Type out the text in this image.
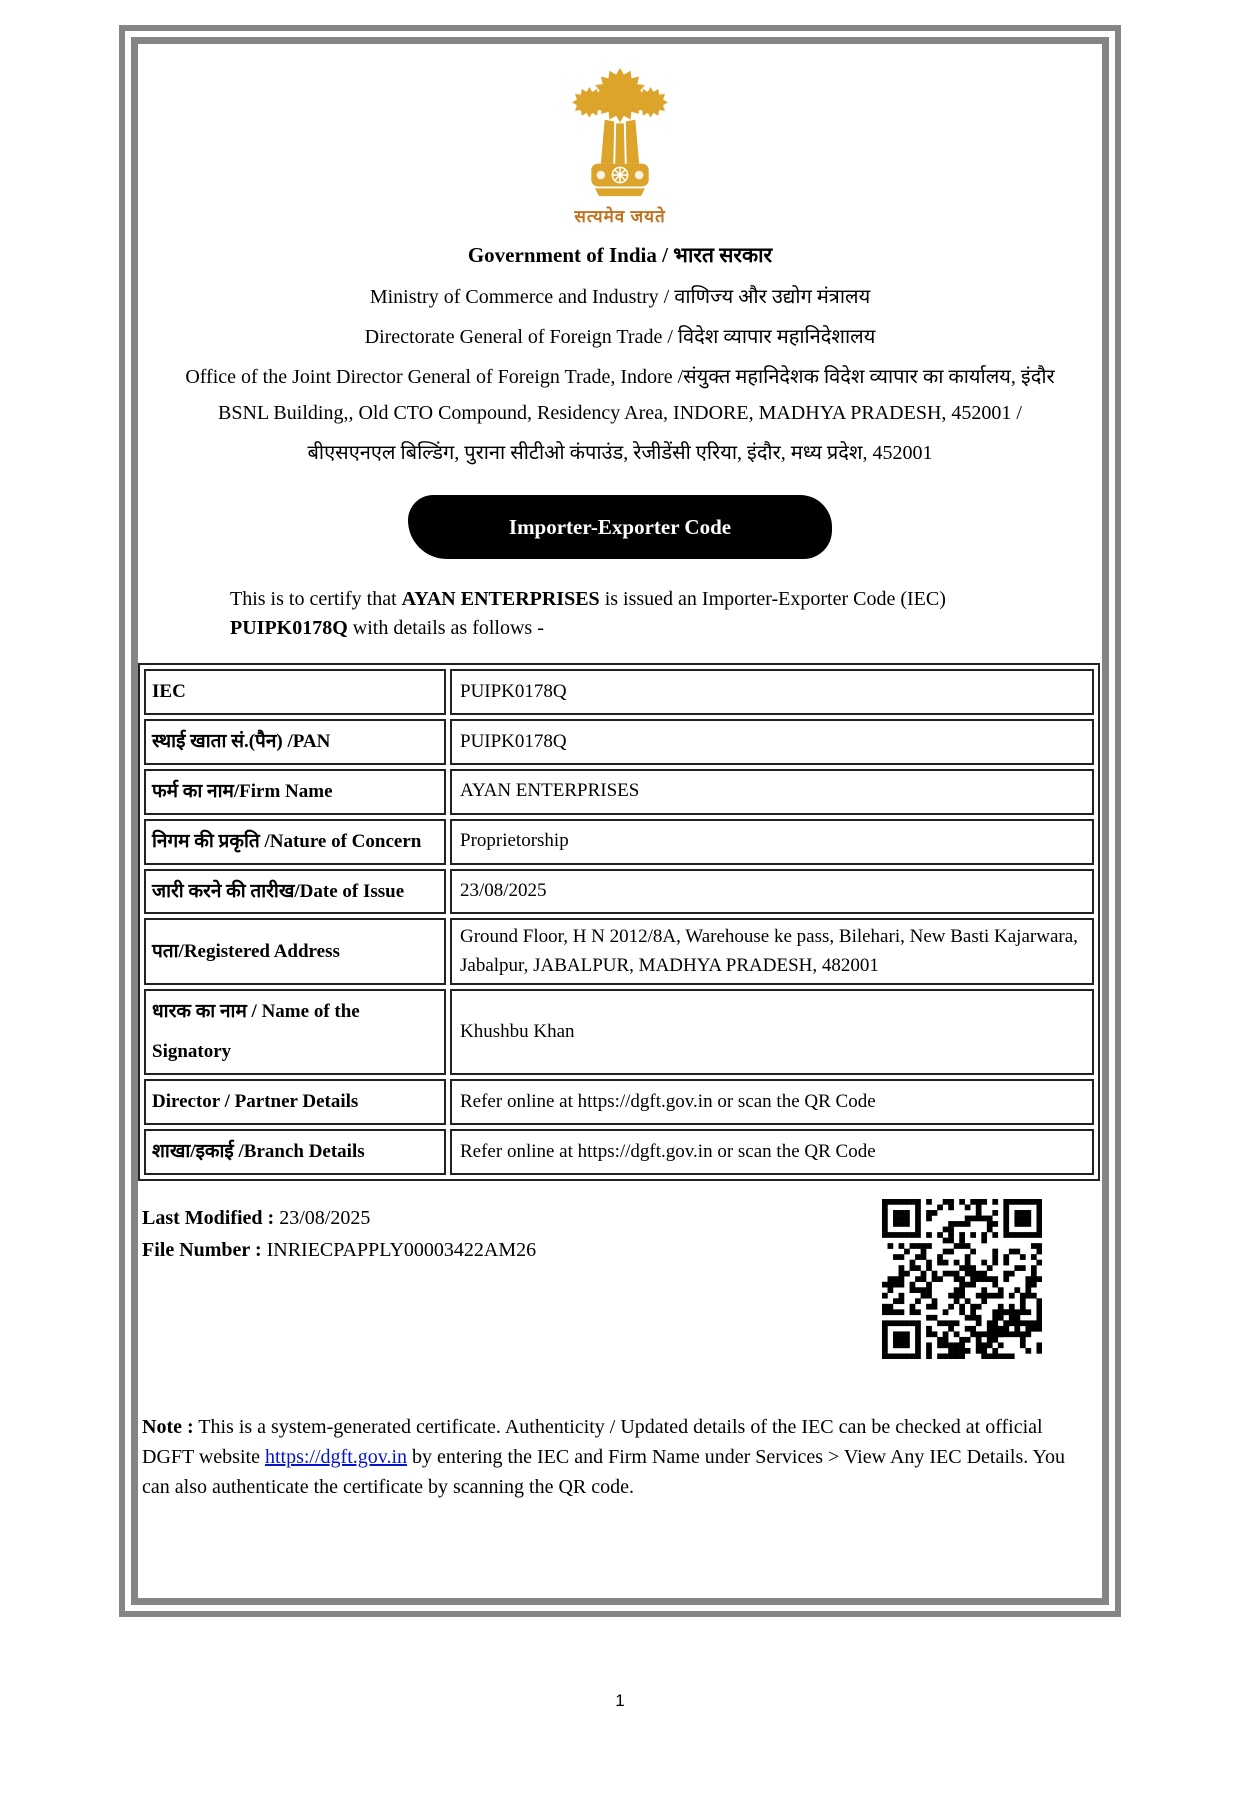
सत्यमेव जयते
Government of India / भारत सरकार
Ministry of Commerce and Industry / वाणिज्य और उद्योग मंत्रालय
Directorate General of Foreign Trade / विदेश व्यापार महानिदेशालय
Office of the Joint Director General of Foreign Trade, Indore /संयुक्त महानिदेशक विदेश व्यापार का कार्यालय, इंदौर
BSNL Building,, Old CTO Compound, Residency Area, INDORE, MADHYA PRADESH, 452001 /
बीएसएनएल बिल्डिंग, पुराना सीटीओ कंपाउंड, रेजीडेंसी एरिया, इंदौर, मध्य प्रदेश, 452001
Importer-Exporter Code
This is to certify that AYAN ENTERPRISES is issued an Importer-Exporter Code (IEC) PUIPK0178Q with details as follows -
IEC	PUIPK0178Q
स्थाई खाता सं.(पैन) /PAN	PUIPK0178Q
फर्म का नाम/Firm Name	AYAN ENTERPRISES
निगम की प्रकृति /Nature of Concern	Proprietorship
जारी करने की तारीख/Date of Issue	23/08/2025
पता/Registered Address	Ground Floor, H N 2012/8A, Warehouse ke pass, Bilehari, New Basti Kajarwara, Jabalpur, JABALPUR, MADHYA PRADESH, 482001
धारक का नाम / Name of the Signatory	Khushbu Khan
Director / Partner Details	Refer online at https://dgft.gov.in or scan the QR Code
शाखा/इकाई /Branch Details	Refer online at https://dgft.gov.in or scan the QR Code
Last Modified : 23/08/2025
File Number : INRIECPAPPLY00003422AM26
Note : This is a system-generated certificate. Authenticity / Updated details of the IEC can be checked at official DGFT website https://dgft.gov.in by entering the IEC and Firm Name under Services > View Any IEC Details. You can also authenticate the certificate by scanning the QR code.
1
